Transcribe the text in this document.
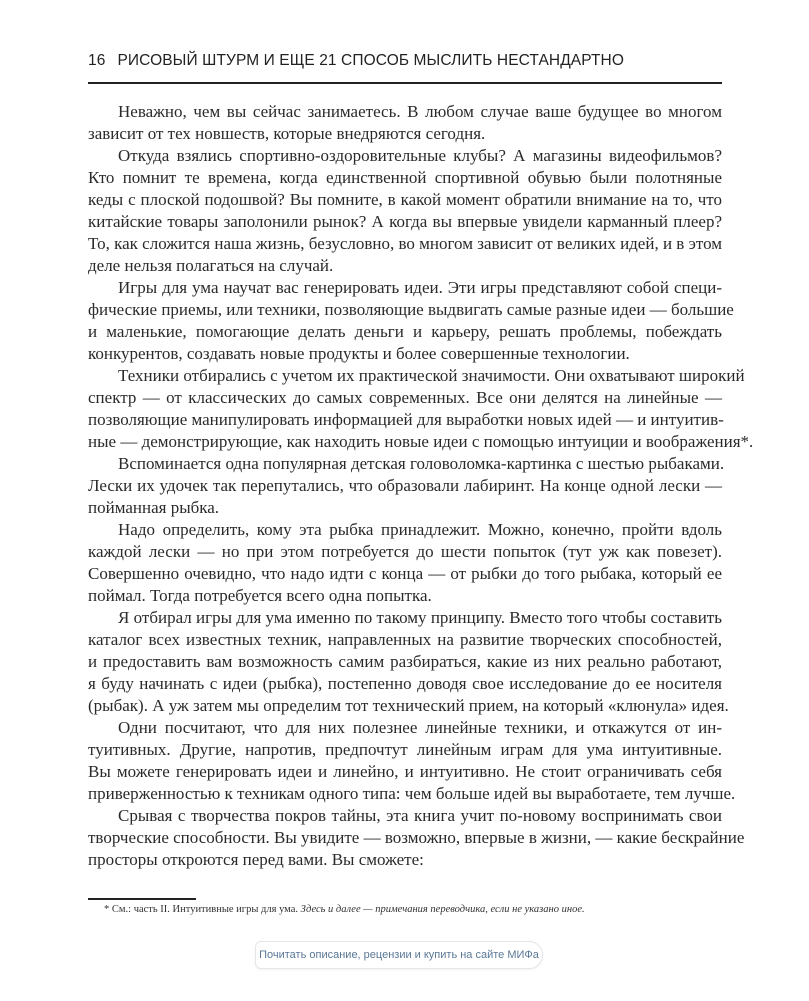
16 РИСОВЫЙ ШТУРМ И ЕЩЕ 21 СПОСОБ МЫСЛИТЬ НЕСТАНДАРТНО
Неважно, чем вы сейчас занимаетесь. В любом случае ваше будущее во многом
зависит от тех новшеств, которые внедряются сегодня.
Откуда взялись спортивно-оздоровительные клубы? А магазины видеофильмов?
Кто помнит те времена, когда единственной спортивной обувью были полотняные
кеды с плоской подошвой? Вы помните, в какой момент обратили внимание на то, что
китайские товары заполонили рынок? А когда вы впервые увидели карманный плеер?
То, как сложится наша жизнь, безусловно, во многом зависит от великих идей, и в этом
деле нельзя полагаться на случай.
Игры для ума научат вас генерировать идеи. Эти игры представляют собой специ-
фические приемы, или техники, позволяющие выдвигать самые разные идеи — большие
и маленькие, помогающие делать деньги и карьеру, решать проблемы, побеждать
конкурентов, создавать новые продукты и более совершенные технологии.
Техники отбирались с учетом их практической значимости. Они охватывают широкий
спектр — от классических до самых современных. Все они делятся на линейные —
позволяющие манипулировать информацией для выработки новых идей — и интуитив-
ные — демонстрирующие, как находить новые идеи с помощью интуиции и воображения*.
Вспоминается одна популярная детская головоломка-картинка с шестью рыбаками.
Лески их удочек так перепутались, что образовали лабиринт. На конце одной лески —
пойманная рыбка.
Надо определить, кому эта рыбка принадлежит. Можно, конечно, пройти вдоль
каждой лески — но при этом потребуется до шести попыток (тут уж как повезет).
Совершенно очевидно, что надо идти с конца — от рыбки до того рыбака, который ее
поймал. Тогда потребуется всего одна попытка.
Я отбирал игры для ума именно по такому принципу. Вместо того чтобы составить
каталог всех известных техник, направленных на развитие творческих способностей,
и предоставить вам возможность самим разбираться, какие из них реально работают,
я буду начинать с идеи (рыбка), постепенно доводя свое исследование до ее носителя
(рыбак). А уж затем мы определим тот технический прием, на который «клюнула» идея.
Одни посчитают, что для них полезнее линейные техники, и откажутся от ин-
туитивных. Другие, напротив, предпочтут линейным играм для ума интуитивные.
Вы можете генерировать идеи и линейно, и интуитивно. Не стоит ограничивать себя
приверженностью к техникам одного типа: чем больше идей вы выработаете, тем лучше.
Срывая с творчества покров тайны, эта книга учит по-новому воспринимать свои
творческие способности. Вы увидите — возможно, впервые в жизни, — какие бескрайние
просторы откроются перед вами. Вы сможете:
* См.: часть II. Интуитивные игры для ума. Здесь и далее — примечания переводчика, если не указано иное.
Почитать описание, рецензии и купить на сайте МИФа
